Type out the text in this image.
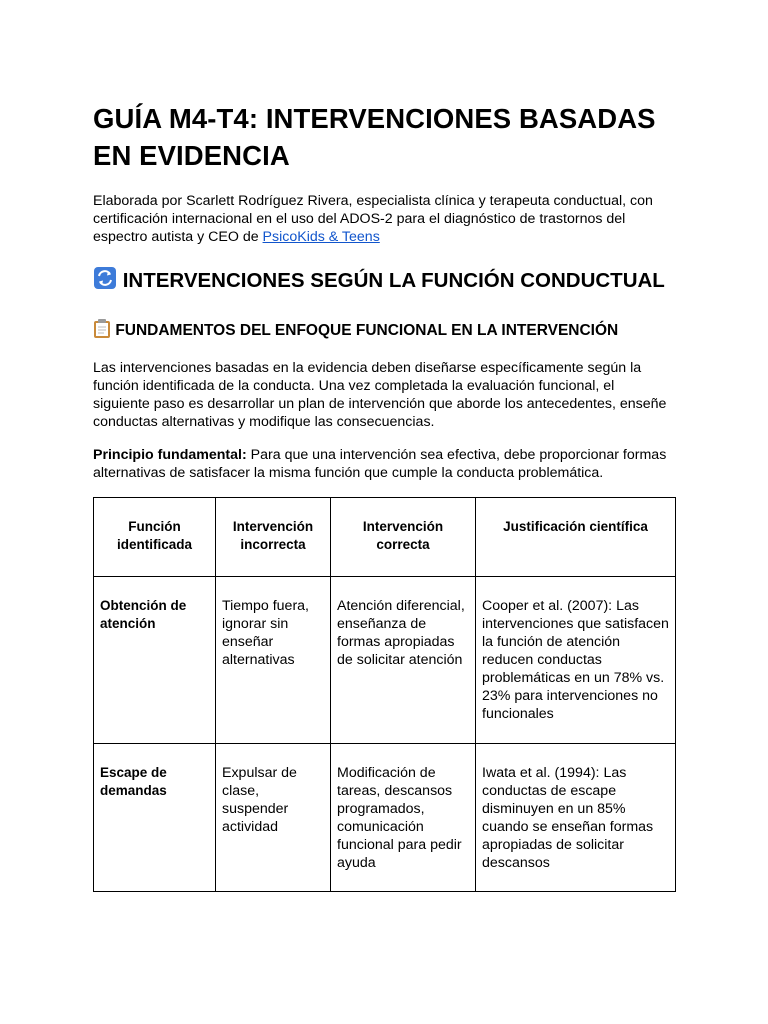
GUÍA M4-T4: INTERVENCIONES BASADAS EN EVIDENCIA

Elaborada por Scarlett Rodríguez Rivera, especialista clínica y terapeuta conductual, con certificación internacional en el uso del ADOS-2 para el diagnóstico de trastornos del espectro autista y CEO de PsicoKids & Teens

INTERVENCIONES SEGÚN LA FUNCIÓN CONDUCTUAL
FUNDAMENTOS DEL ENFOQUE FUNCIONAL EN LA INTERVENCIÓN

Las intervenciones basadas en la evidencia deben diseñarse específicamente según la función identificada de la conducta. Una vez completada la evaluación funcional, el siguiente paso es desarrollar un plan de intervención que aborde los antecedentes, enseñe conductas alternativas y modifique las consecuencias.

Principio fundamental: Para que una intervención sea efectiva, debe proporcionar formas alternativas de satisfacer la misma función que cumple la conducta problemática.

Función identificada	Intervención incorrecta	Intervención correcta	Justificación científica
Obtención de atención	Tiempo fuera, ignorar sin enseñar alternativas	Atención diferencial, enseñanza de formas apropiadas de solicitar atención	Cooper et al. (2007): Las intervenciones que satisfacen la función de atención reducen conductas problemáticas en un 78% vs. 23% para intervenciones no funcionales
Escape de demandas	Expulsar de clase, suspender actividad	Modificación de tareas, descansos programados, comunicación funcional para pedir ayuda	Iwata et al. (1994): Las conductas de escape disminuyen en un 85% cuando se enseñan formas apropiadas de solicitar descansos
